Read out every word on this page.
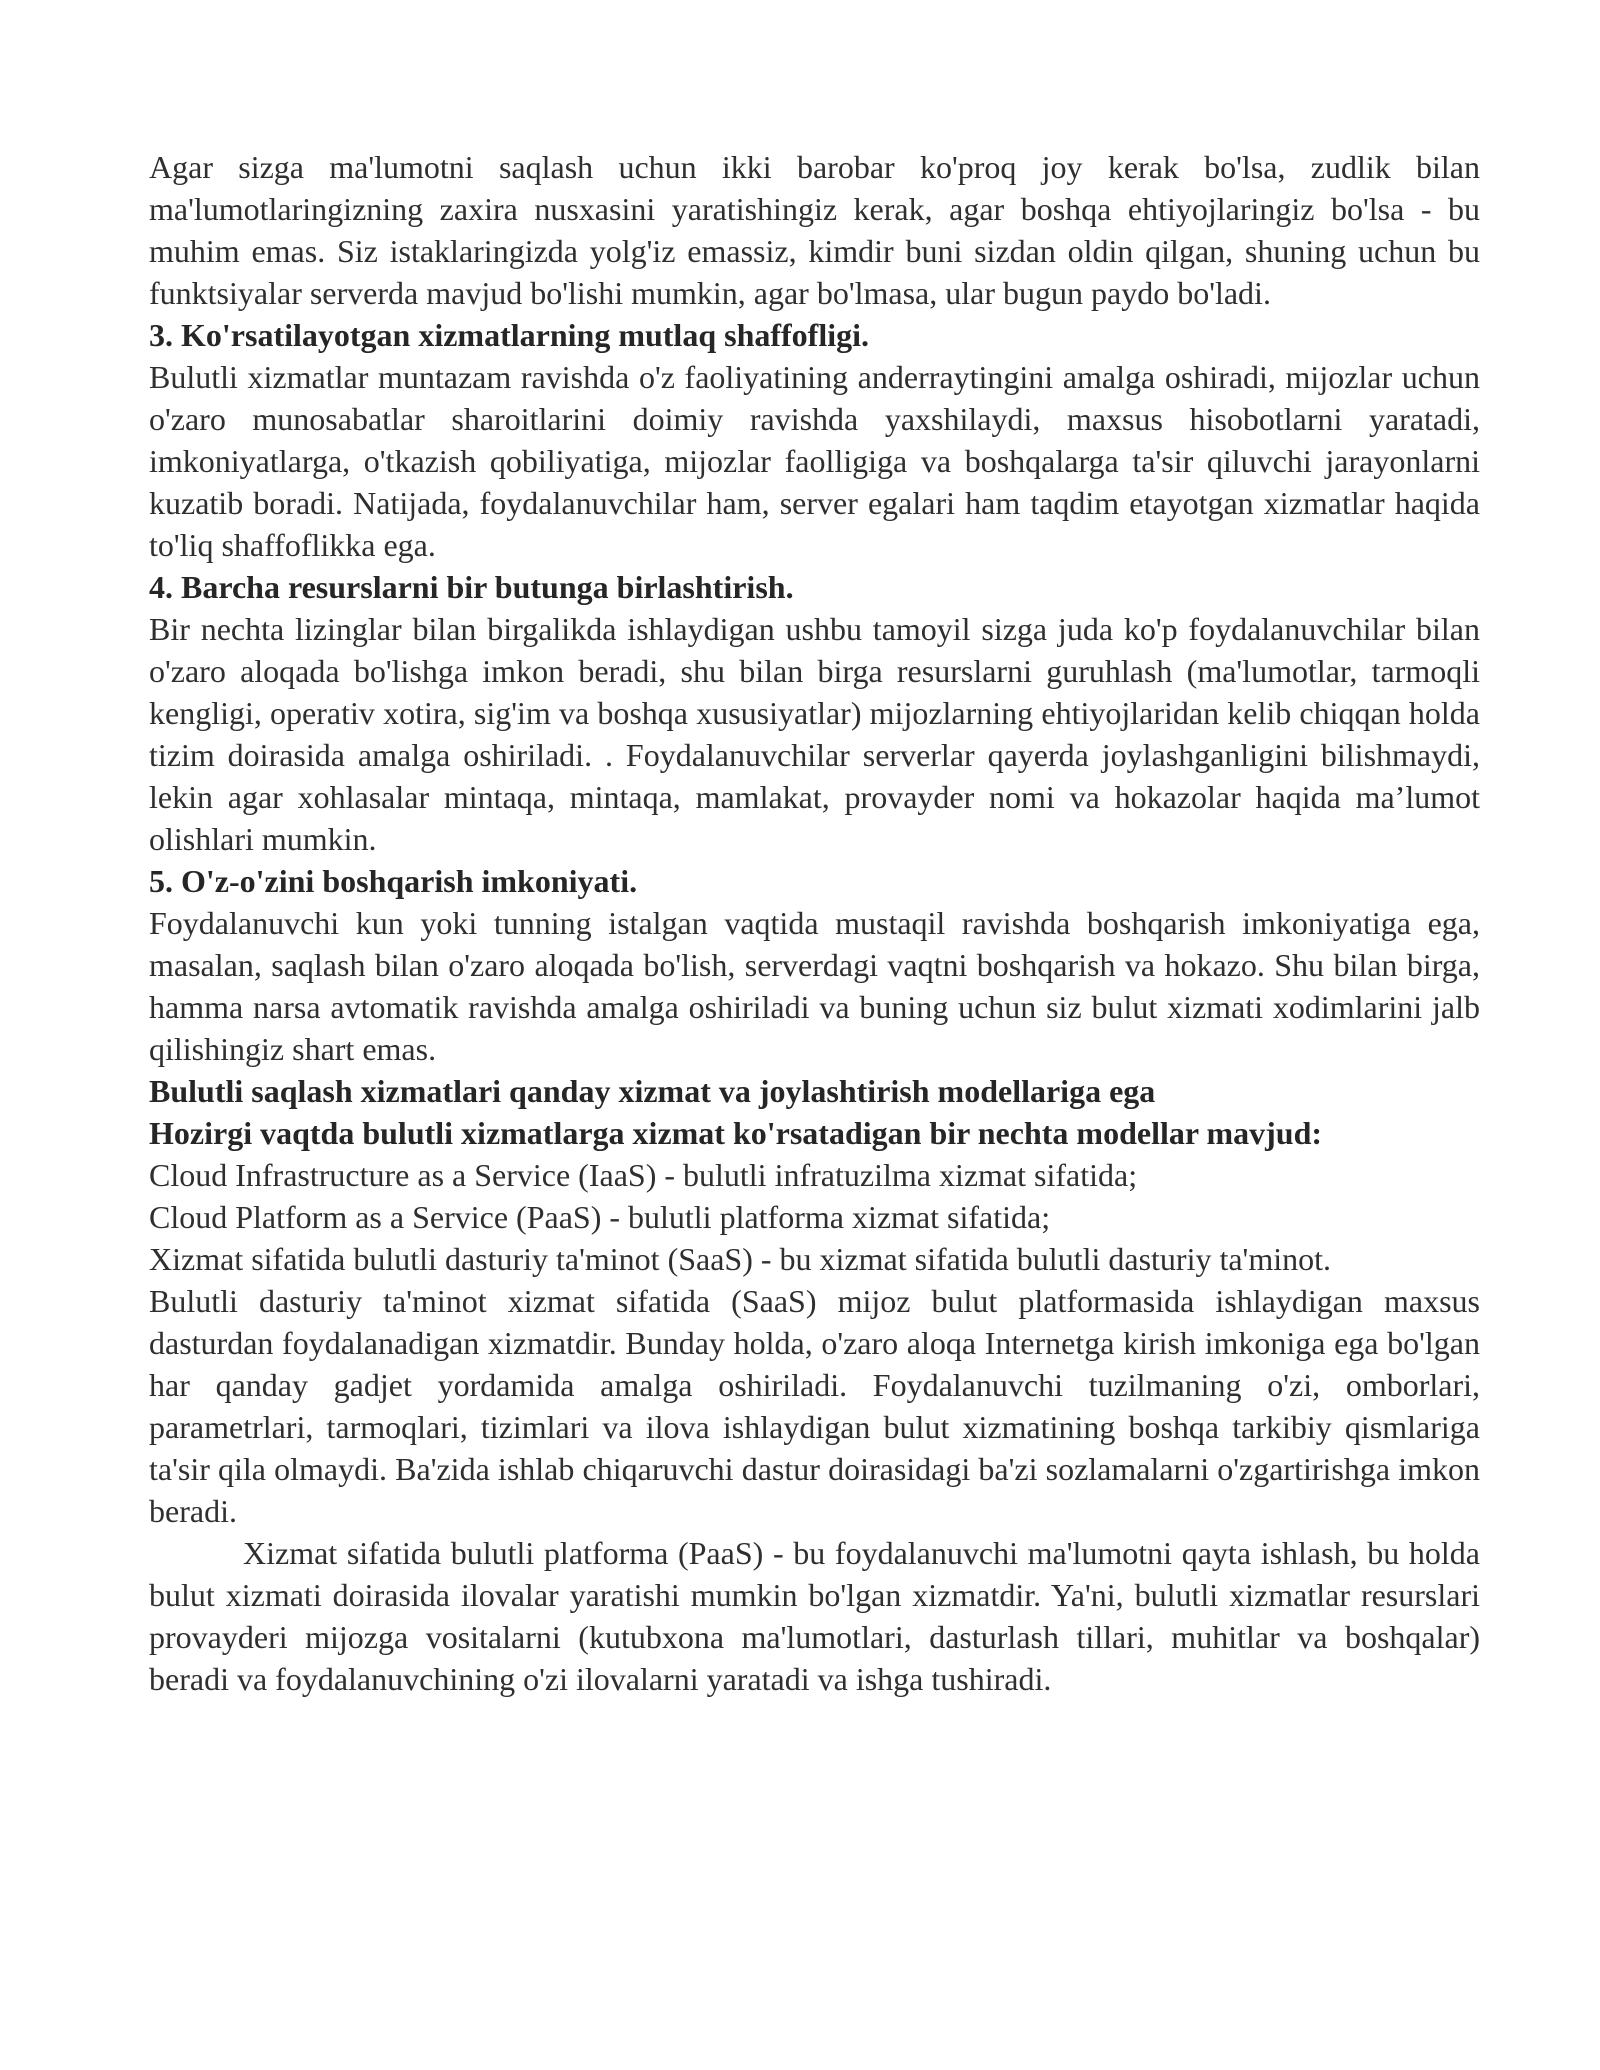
Agar sizga ma'lumotni saqlash uchun ikki barobar ko'proq joy kerak bo'lsa, zudlik bilan ma'lumotlaringizning zaxira nusxasini yaratishingiz kerak, agar boshqa ehtiyojlaringiz bo'lsa - bu muhim emas. Siz istaklaringizda yolg'iz emassiz, kimdir buni sizdan oldin qilgan, shuning uchun bu funktsiyalar serverda mavjud bo'lishi mumkin, agar bo'lmasa, ular bugun paydo bo'ladi.

3. Ko'rsatilayotgan xizmatlarning mutlaq shaffofligi.

Bulutli xizmatlar muntazam ravishda o'z faoliyatining anderraytingini amalga oshiradi, mijozlar uchun o'zaro munosabatlar sharoitlarini doimiy ravishda yaxshilaydi, maxsus hisobotlarni yaratadi, imkoniyatlarga, o'tkazish qobiliyatiga, mijozlar faolligiga va boshqalarga ta'sir qiluvchi jarayonlarni kuzatib boradi. Natijada, foydalanuvchilar ham, server egalari ham taqdim etayotgan xizmatlar haqida to'liq shaffoflikka ega.

4. Barcha resurslarni bir butunga birlashtirish.

Bir nechta lizinglar bilan birgalikda ishlaydigan ushbu tamoyil sizga juda ko'p foydalanuvchilar bilan o'zaro aloqada bo'lishga imkon beradi, shu bilan birga resurslarni guruhlash (ma'lumotlar, tarmoqli kengligi, operativ xotira, sig'im va boshqa xususiyatlar) mijozlarning ehtiyojlaridan kelib chiqqan holda tizim doirasida amalga oshiriladi. . Foydalanuvchilar serverlar qayerda joylashganligini bilishmaydi, lekin agar xohlasalar mintaqa, mintaqa, mamlakat, provayder nomi va hokazolar haqida ma’lumot olishlari mumkin.

5. O'z-o'zini boshqarish imkoniyati.

Foydalanuvchi kun yoki tunning istalgan vaqtida mustaqil ravishda boshqarish imkoniyatiga ega, masalan, saqlash bilan o'zaro aloqada bo'lish, serverdagi vaqtni boshqarish va hokazo. Shu bilan birga, hamma narsa avtomatik ravishda amalga oshiriladi va buning uchun siz bulut xizmati xodimlarini jalb qilishingiz shart emas.

Bulutli saqlash xizmatlari qanday xizmat va joylashtirish modellariga ega

Hozirgi vaqtda bulutli xizmatlarga xizmat ko'rsatadigan bir nechta modellar mavjud:

Cloud Infrastructure as a Service (IaaS) - bulutli infratuzilma xizmat sifatida;

Cloud Platform as a Service (PaaS) - bulutli platforma xizmat sifatida;

Xizmat sifatida bulutli dasturiy ta'minot (SaaS) - bu xizmat sifatida bulutli dasturiy ta'minot.

Bulutli dasturiy ta'minot xizmat sifatida (SaaS) mijoz bulut platformasida ishlaydigan maxsus dasturdan foydalanadigan xizmatdir. Bunday holda, o'zaro aloqa Internetga kirish imkoniga ega bo'lgan har qanday gadjet yordamida amalga oshiriladi. Foydalanuvchi tuzilmaning o'zi, omborlari, parametrlari, tarmoqlari, tizimlari va ilova ishlaydigan bulut xizmatining boshqa tarkibiy qismlariga ta'sir qila olmaydi. Ba'zida ishlab chiqaruvchi dastur doirasidagi ba'zi sozlamalarni o'zgartirishga imkon beradi.

Xizmat sifatida bulutli platforma (PaaS) - bu foydalanuvchi ma'lumotni qayta ishlash, bu holda bulut xizmati doirasida ilovalar yaratishi mumkin bo'lgan xizmatdir. Ya'ni, bulutli xizmatlar resurslari provayderi mijozga vositalarni (kutubxona ma'lumotlari, dasturlash tillari, muhitlar va boshqalar) beradi va foydalanuvchining o'zi ilovalarni yaratadi va ishga tushiradi.
